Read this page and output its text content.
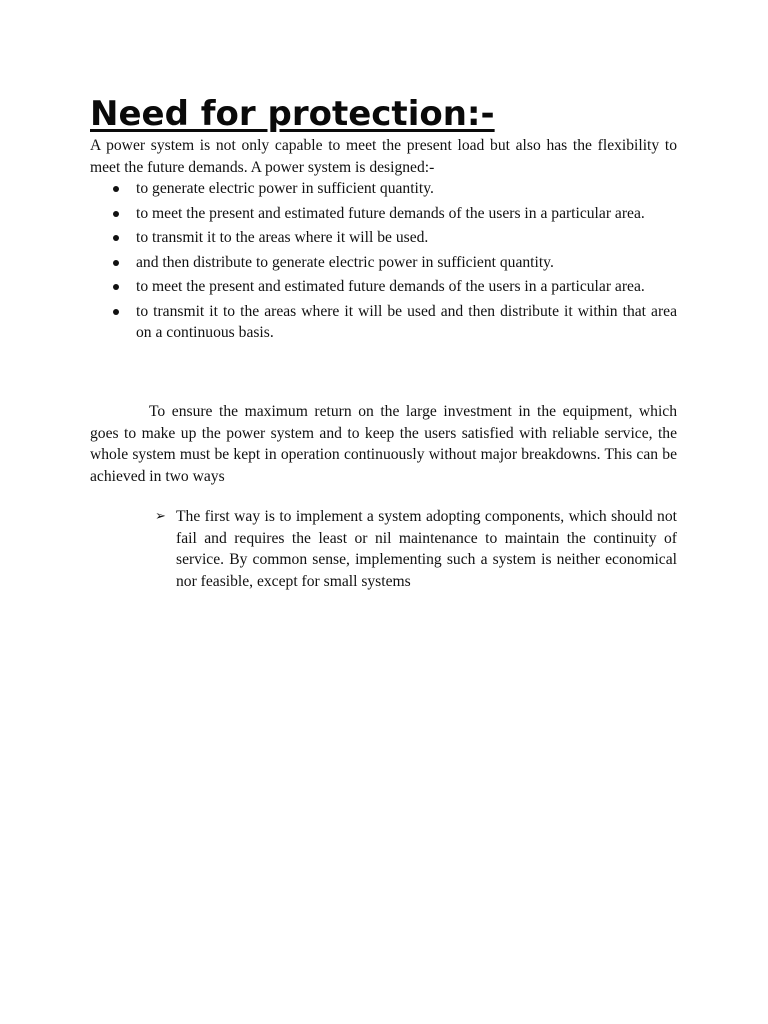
Need for protection:-

A power system is not only capable to meet the present load but also has the flexibility to meet the future demands. A power system is designed:-

to generate electric power in sufficient quantity.
to meet the present and estimated future demands of the users in a particular area.
to transmit it to the areas where it will be used.
and then distribute to generate electric power in sufficient quantity.
to meet the present and estimated future demands of the users in a particular area.
to transmit it to the areas where it will be used and then distribute it within that area on a continuous basis.

To ensure the maximum return on the large investment in the equipment, which goes to make up the power system and to keep the users satisfied with reliable service, the whole system must be kept in operation continuously without major breakdowns. This can be achieved in two ways

➢ The first way is to implement a system adopting components, which should not fail and requires the least or nil maintenance to maintain the continuity of service. By common sense, implementing such a system is neither economical nor feasible, except for small systems
